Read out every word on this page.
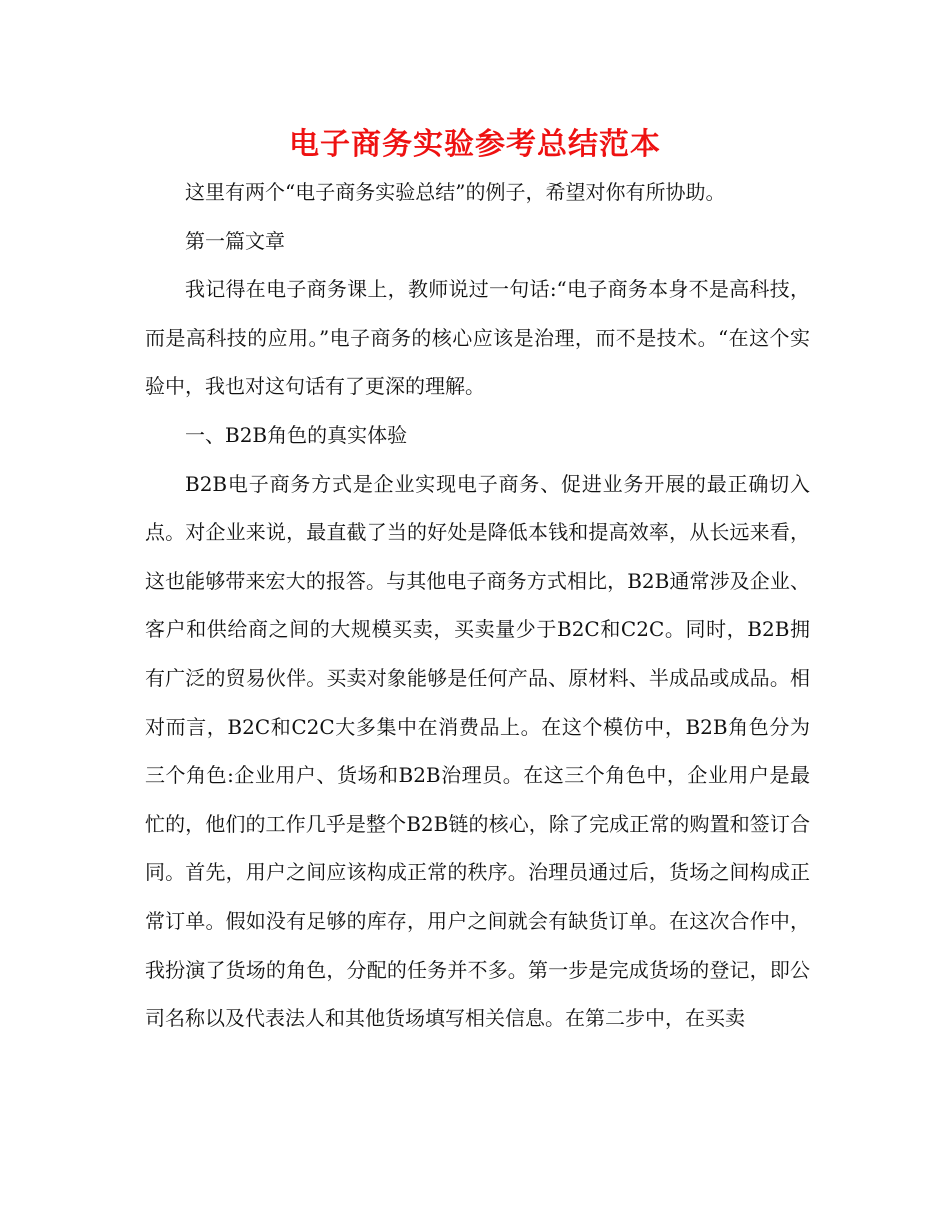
电子商务实验参考总结范本

这里有两个“电子商务实验总结”的例子，希望对你有所协助。

第一篇文章

我记得在电子商务课上，教师说过一句话:“电子商务本身不是高科技，而是高科技的应用。”电子商务的核心应该是治理，而不是技术。“在这个实验中，我也对这句话有了更深的理解。

一、B2B角色的真实体验

B2B电子商务方式是企业实现电子商务、促进业务开展的最正确切入点。对企业来说，最直截了当的好处是降低本钱和提高效率，从长远来看，这也能够带来宏大的报答。与其他电子商务方式相比，B2B通常涉及企业、客户和供给商之间的大规模买卖，买卖量少于B2C和C2C。同时，B2B拥有广泛的贸易伙伴。买卖对象能够是任何产品、原材料、半成品或成品。相对而言，B2C和C2C大多集中在消费品上。在这个模仿中，B2B角色分为三个角色:企业用户、货场和B2B治理员。在这三个角色中，企业用户是最忙的，他们的工作几乎是整个B2B链的核心，除了完成正常的购置和签订合同。首先，用户之间应该构成正常的秩序。治理员通过后，货场之间构成正常订单。假如没有足够的库存，用户之间就会有缺货订单。在这次合作中，我扮演了货场的角色，分配的任务并不多。第一步是完成货场的登记，即公司名称以及代表法人和其他货场填写相关信息。在第二步中，在买卖
